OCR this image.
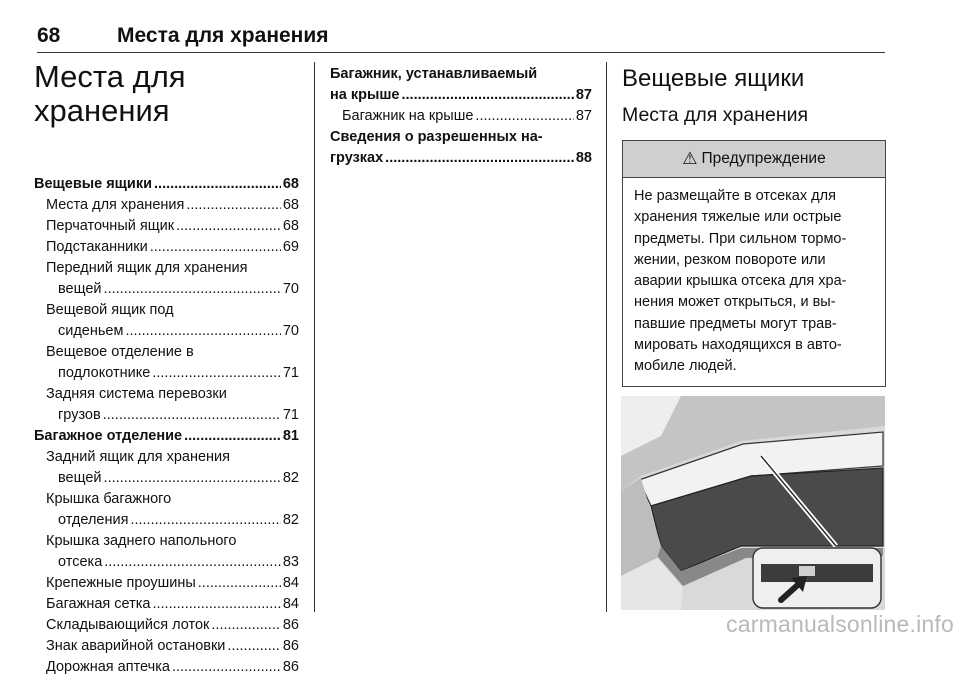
68	Места для хранения
Места для
хранения
Вещевые ящики .....	68
Места для хранения .....	68
Перчаточный ящик .....	68
Подстаканники .....	69
Передний ящик для хранения
вещей .....	70
Вещевой ящик под
сиденьем .....	70
Вещевое отделение в
подлокотнике .....	71
Задняя система перевозки
грузов .....	71
Багажное отделение .....	81
Задний ящик для хранения
вещей .....	82
Крышка багажного
отделения .....	82
Крышка заднего напольного
отсека .....	83
Крепежные проушины .....	84
Багажная сетка .....	84
Складывающийся лоток .....	86
Знак аварийной остановки .....	86
Дорожная аптечка .....	86
Багажник, устанавливаемый
на крыше .....	87
Багажник на крыше .....	87
Сведения о разрешенных на-
грузках .....	88
Вещевые ящики
Места для хранения
⚠ Предупреждение
Не размещайте в отсеках для
хранения тяжелые или острые
предметы. При сильном тормо-
жении, резком повороте или
аварии крышка отсека для хра-
нения может открыться, и вы-
павшие предметы могут трав-
мировать находящихся в авто-
мобиле людей.
carmanualsonline.info
